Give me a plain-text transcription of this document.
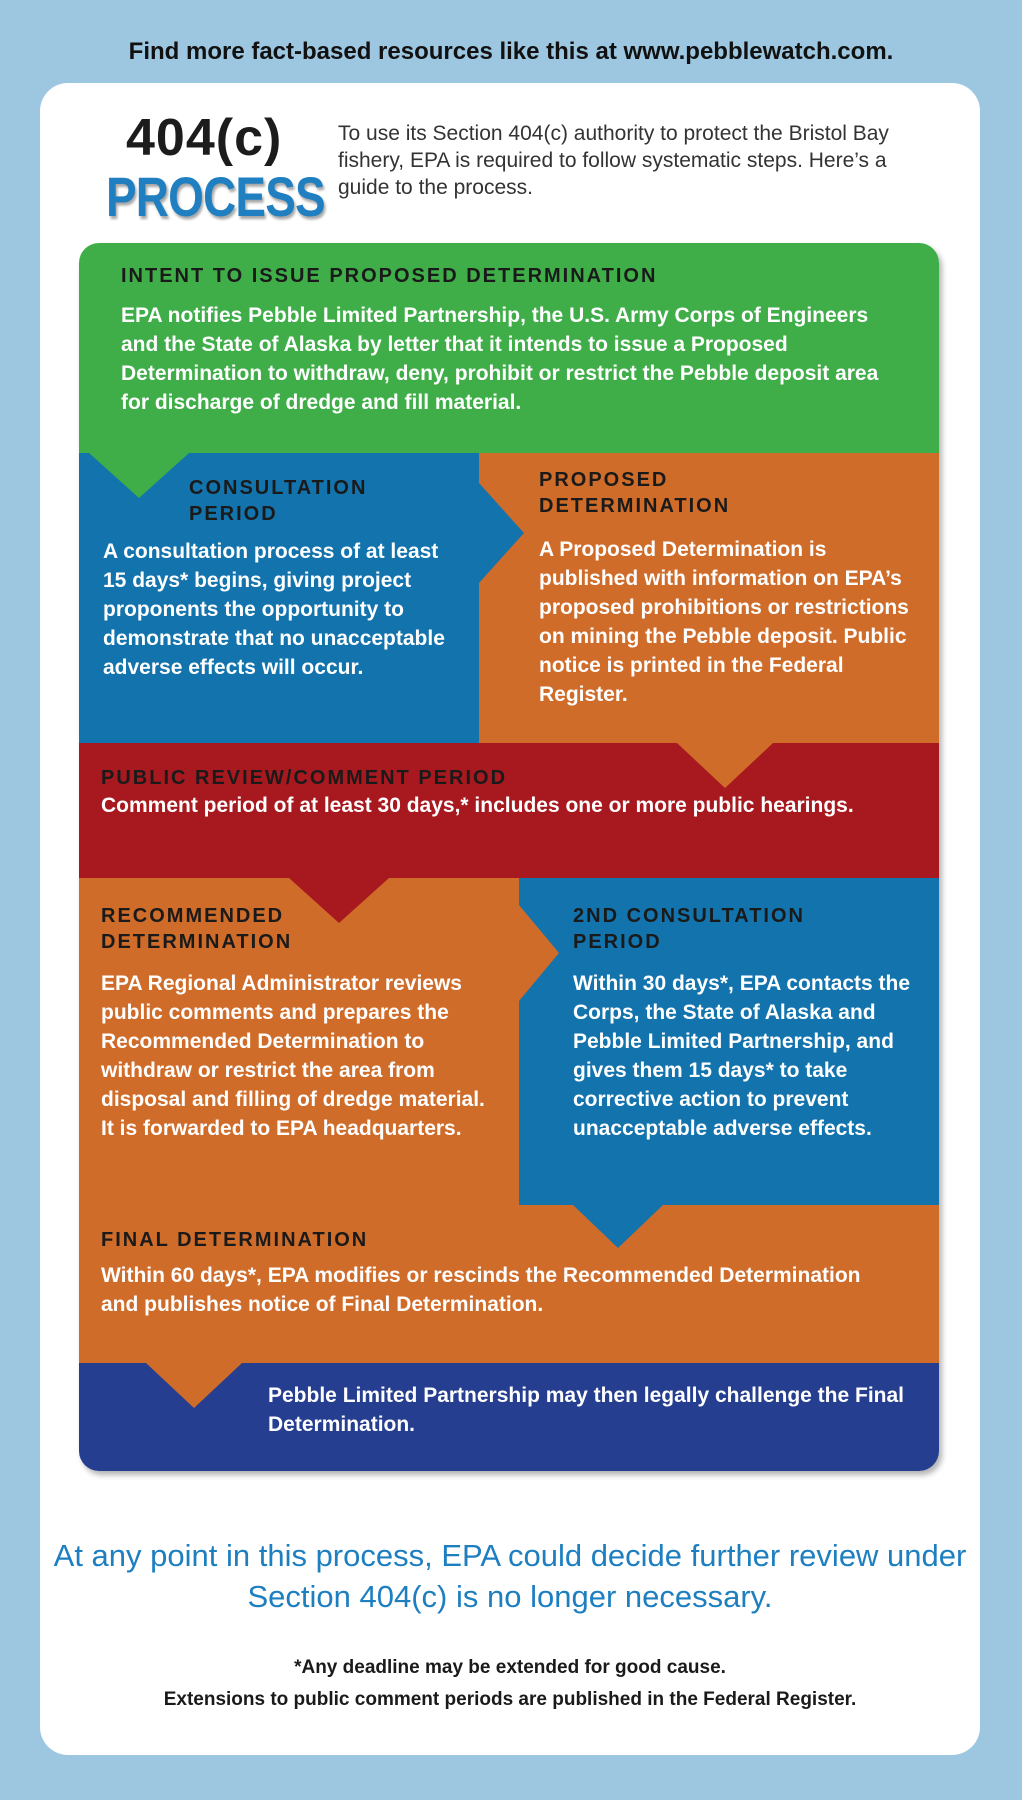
Find more fact-based resources like this at www.pebblewatch.com.
404(c)
PROCESS
To use its Section 404(c) authority to protect the Bristol Bay fishery, EPA is required to follow systematic steps. Here’s a guide to the process.
INTENT TO ISSUE PROPOSED DETERMINATION
EPA notifies Pebble Limited Partnership, the U.S. Army Corps of Engineers and the State of Alaska by letter that it intends to issue a Proposed Determination to withdraw, deny, prohibit or restrict the Pebble deposit area for discharge of dredge and fill material.
CONSULTATION PERIOD
A consultation process of at least 15 days* begins, giving project proponents the opportunity to demonstrate that no unacceptable adverse effects will occur.
PROPOSED DETERMINATION
A Proposed Determination is published with information on EPA’s proposed prohibitions or restrictions on mining the Pebble deposit. Public notice is printed in the Federal Register.
PUBLIC REVIEW/COMMENT PERIOD
Comment period of at least 30 days,* includes one or more public hearings.
RECOMMENDED DETERMINATION
EPA Regional Administrator reviews public comments and prepares the Recommended Determination to withdraw or restrict the area from disposal and filling of dredge material. It is forwarded to EPA headquarters.
2ND CONSULTATION PERIOD
Within 30 days*, EPA contacts the Corps, the State of Alaska and Pebble Limited Partnership, and gives them 15 days* to take corrective action to prevent unacceptable adverse effects.
FINAL DETERMINATION
Within 60 days*, EPA modifies or rescinds the Recommended Determination and publishes notice of Final Determination.
Pebble Limited Partnership may then legally challenge the Final Determination.
At any point in this process, EPA could decide further review under Section 404(c) is no longer necessary.
*Any deadline may be extended for good cause.
Extensions to public comment periods are published in the Federal Register.
